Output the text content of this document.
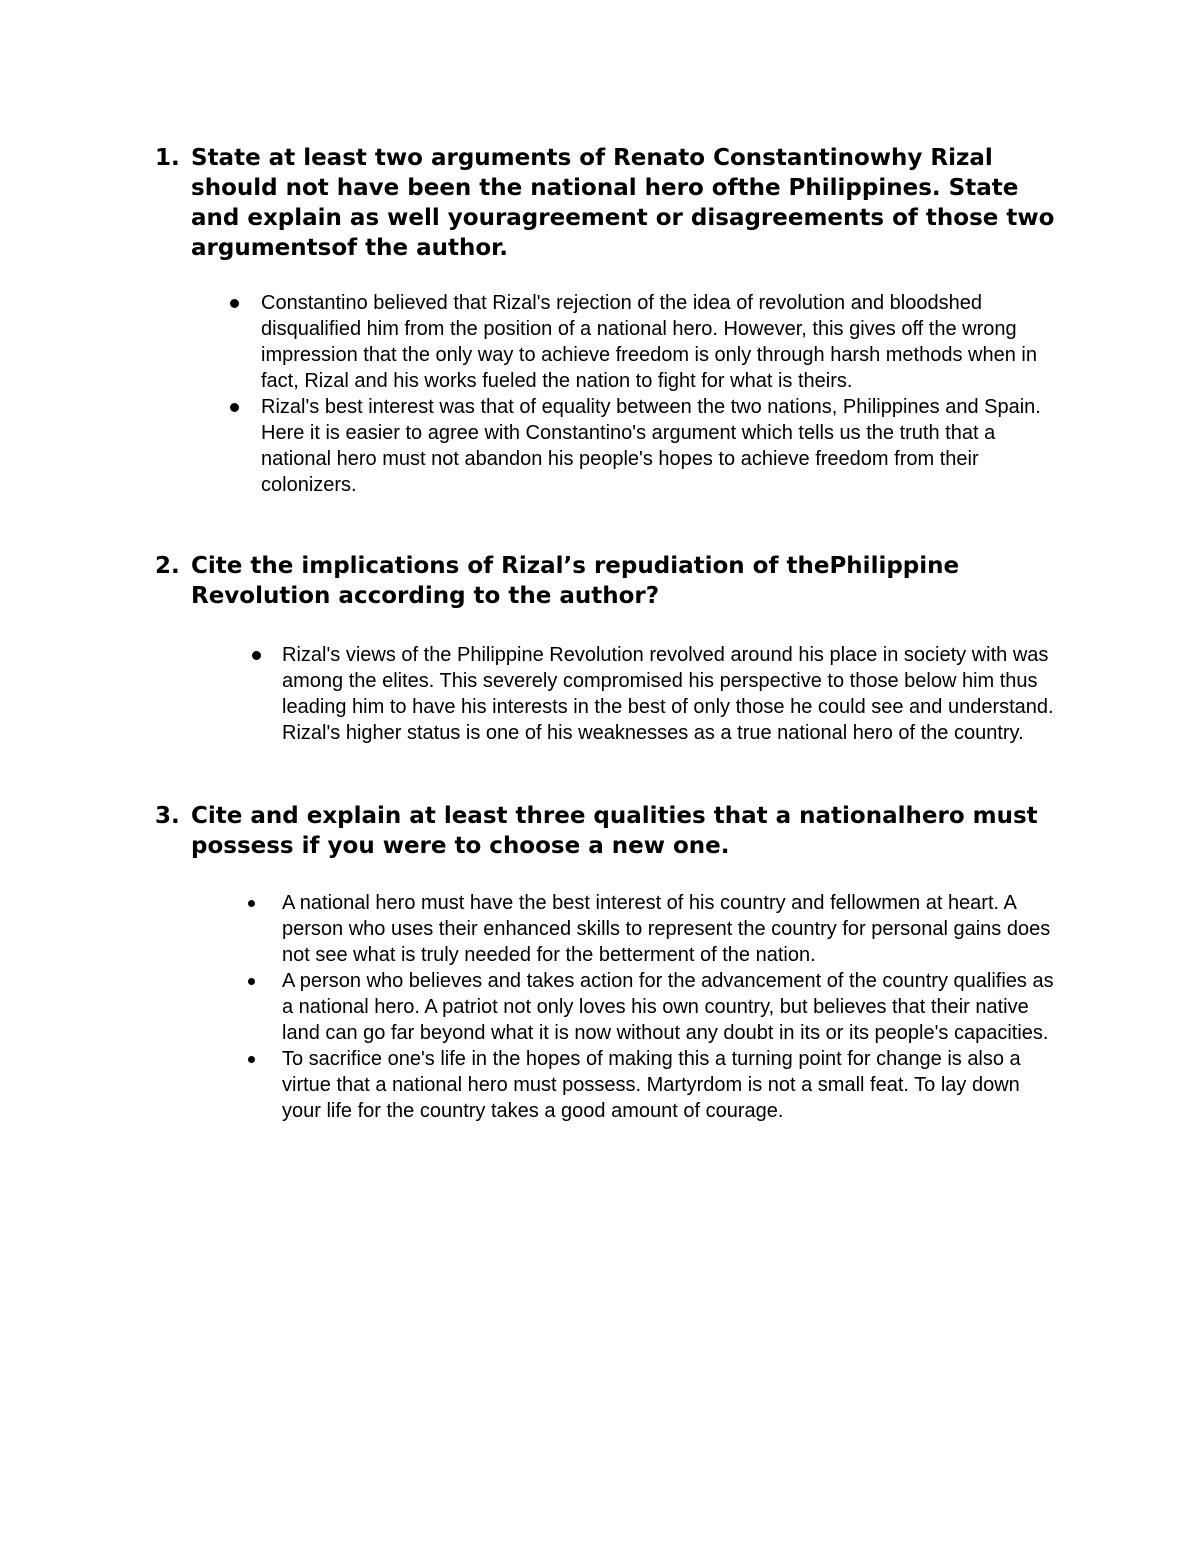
1. State at least two arguments of Renato Constantinowhy Rizal should not have been the national hero ofthe Philippines. State and explain as well youragreement or disagreements of those two argumentsof the author.
Constantino believed that Rizal's rejection of the idea of revolution and bloodshed disqualified him from the position of a national hero. However, this gives off the wrong impression that the only way to achieve freedom is only through harsh methods when in fact, Rizal and his works fueled the nation to fight for what is theirs.
Rizal's best interest was that of equality between the two nations, Philippines and Spain. Here it is easier to agree with Constantino's argument which tells us the truth that a national hero must not abandon his people's hopes to achieve freedom from their colonizers.
2. Cite the implications of Rizal’s repudiation of thePhilippine Revolution according to the author?
Rizal's views of the Philippine Revolution revolved around his place in society with was among the elites. This severely compromised his perspective to those below him thus leading him to have his interests in the best of only those he could see and understand. Rizal's higher status is one of his weaknesses as a true national hero of the country.
3. Cite and explain at least three qualities that a nationalhero must possess if you were to choose a new one.
A national hero must have the best interest of his country and fellowmen at heart. A person who uses their enhanced skills to represent the country for personal gains does not see what is truly needed for the betterment of the nation.
A person who believes and takes action for the advancement of the country qualifies as a national hero. A patriot not only loves his own country, but believes that their native land can go far beyond what it is now without any doubt in its or its people's capacities.
To sacrifice one's life in the hopes of making this a turning point for change is also a virtue that a national hero must possess. Martyrdom is not a small feat. To lay down your life for the country takes a good amount of courage.
